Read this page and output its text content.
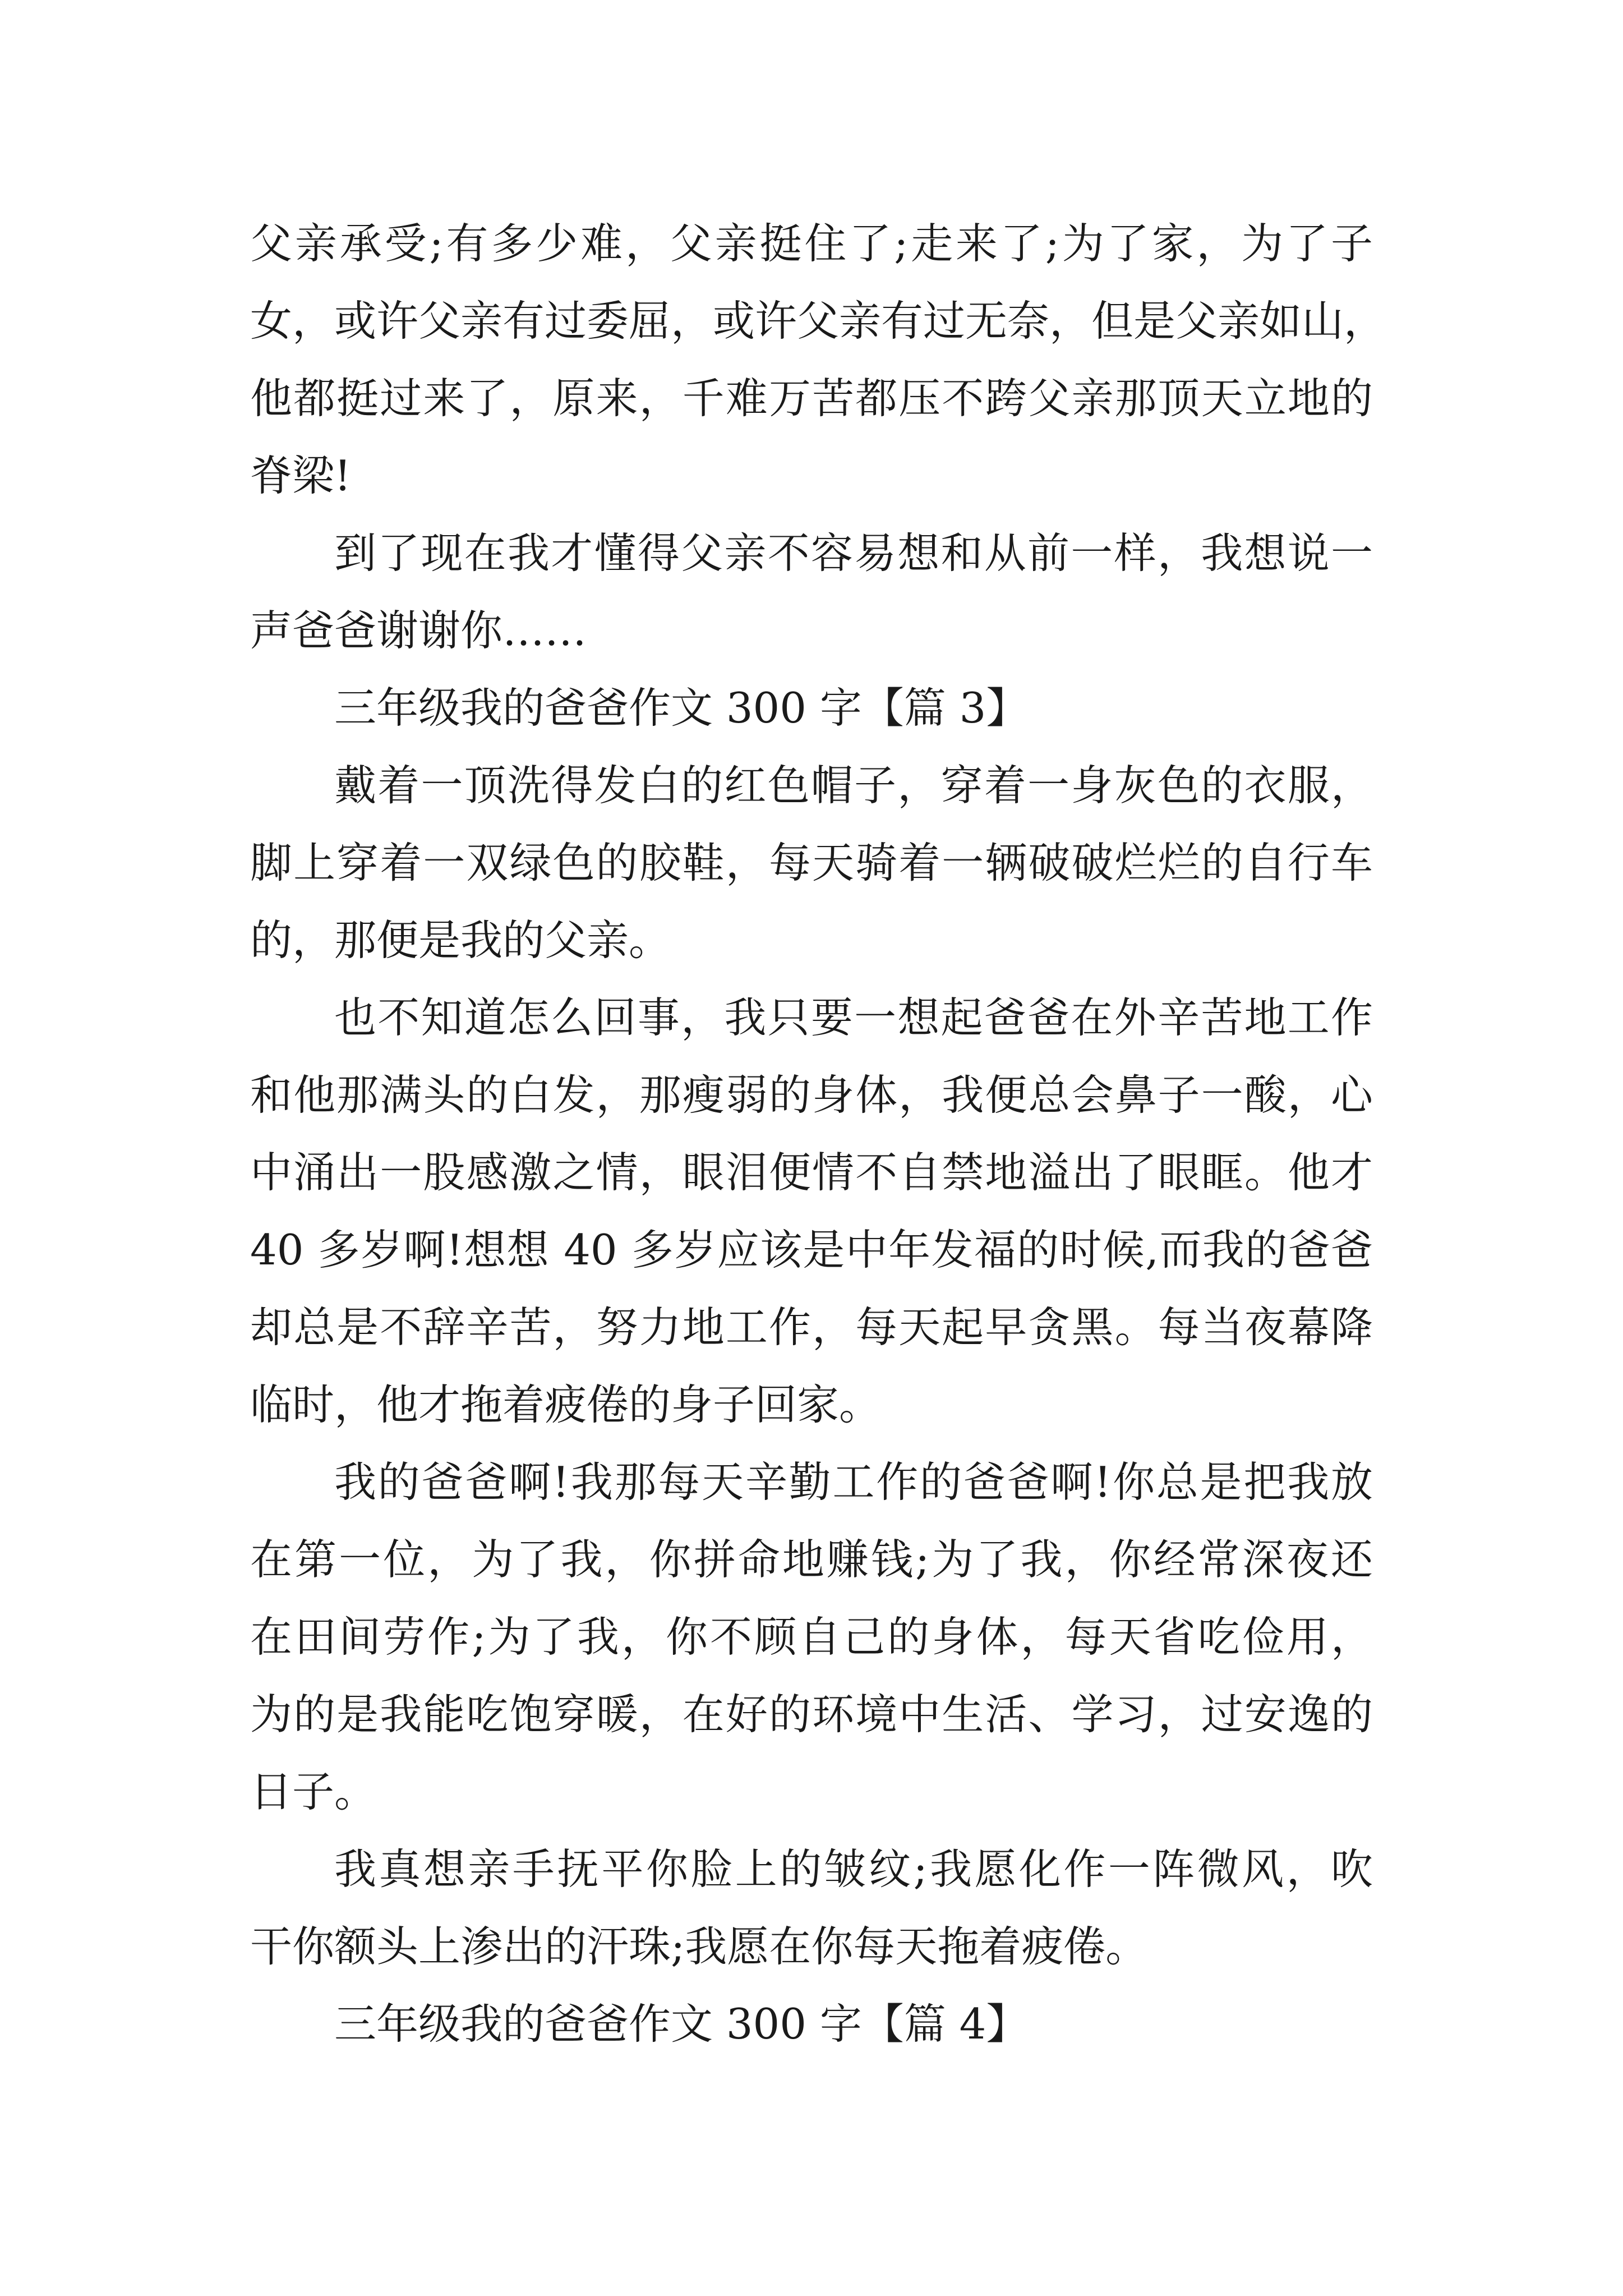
父亲承受;有多少难，父亲挺住了;走来了;为了家，为了子
女，或许父亲有过委屈，或许父亲有过无奈，但是父亲如山，
他都挺过来了，原来，千难万苦都压不跨父亲那顶天立地的
脊梁!
到了现在我才懂得父亲不容易想和从前一样，我想说一
声爸爸谢谢你……
三年级我的爸爸作文 300 字【篇 3】
戴着一顶洗得发白的红色帽子，穿着一身灰色的衣服，
脚上穿着一双绿色的胶鞋，每天骑着一辆破破烂烂的自行车
的，那便是我的父亲。
也不知道怎么回事，我只要一想起爸爸在外辛苦地工作
和他那满头的白发，那瘦弱的身体，我便总会鼻子一酸，心
中涌出一股感激之情，眼泪便情不自禁地溢出了眼眶。他才
40 多岁啊!想想 40 多岁应该是中年发福的时候,而我的爸爸
却总是不辞辛苦，努力地工作，每天起早贪黑。每当夜幕降
临时，他才拖着疲倦的身子回家。
我的爸爸啊!我那每天辛勤工作的爸爸啊!你总是把我放
在第一位，为了我，你拼命地赚钱;为了我，你经常深夜还
在田间劳作;为了我，你不顾自己的身体，每天省吃俭用，
为的是我能吃饱穿暖，在好的环境中生活、学习，过安逸的
日子。
我真想亲手抚平你脸上的皱纹;我愿化作一阵微风，吹
干你额头上渗出的汗珠;我愿在你每天拖着疲倦。
三年级我的爸爸作文 300 字【篇 4】
